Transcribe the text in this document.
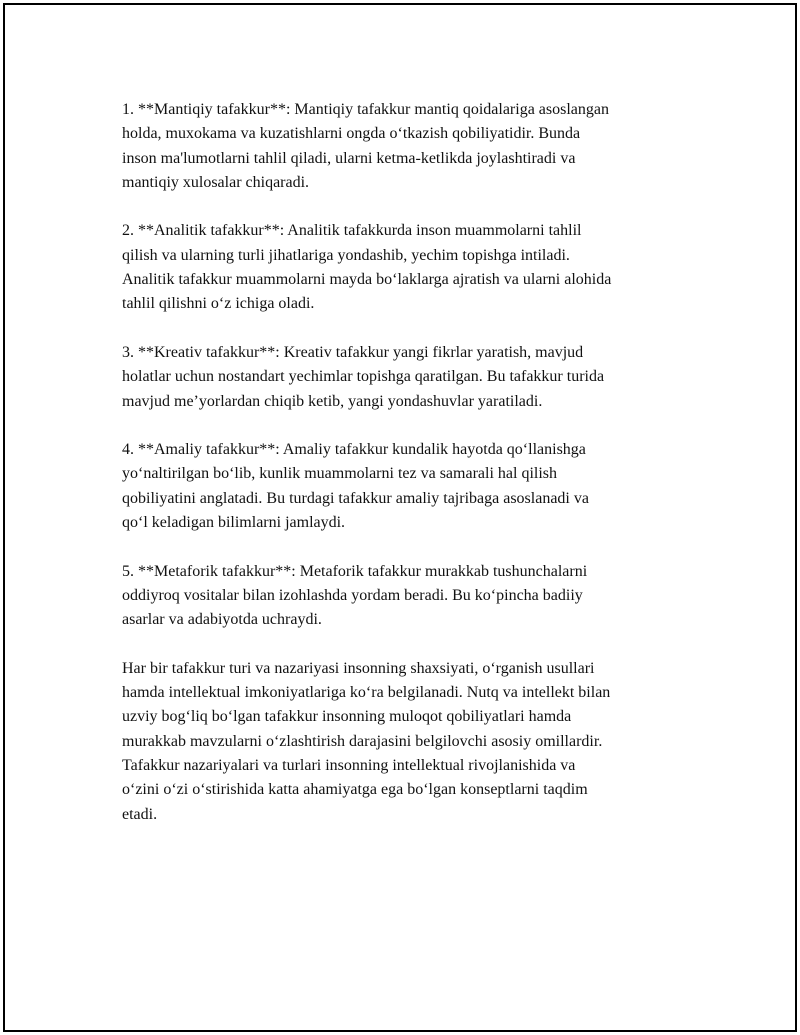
1. **Mantiqiy tafakkur**: Mantiqiy tafakkur mantiq qoidalariga asoslangan
holda, muxokama va kuzatishlarni ongda o‘tkazish qobiliyatidir. Bunda
inson ma'lumotlarni tahlil qiladi, ularni ketma-ketlikda joylashtiradi va
mantiqiy xulosalar chiqaradi.

2. **Analitik tafakkur**: Analitik tafakkurda inson muammolarni tahlil
qilish va ularning turli jihatlariga yondashib, yechim topishga intiladi.
Analitik tafakkur muammolarni mayda bo‘laklarga ajratish va ularni alohida
tahlil qilishni o‘z ichiga oladi.

3. **Kreativ tafakkur**: Kreativ tafakkur yangi fikrlar yaratish, mavjud
holatlar uchun nostandart yechimlar topishga qaratilgan. Bu tafakkur turida
mavjud me’yorlardan chiqib ketib, yangi yondashuvlar yaratiladi.

4. **Amaliy tafakkur**: Amaliy tafakkur kundalik hayotda qo‘llanishga
yo‘naltirilgan bo‘lib, kunlik muammolarni tez va samarali hal qilish
qobiliyatini anglatadi. Bu turdagi tafakkur amaliy tajribaga asoslanadi va
qo‘l keladigan bilimlarni jamlaydi.

5. **Metaforik tafakkur**: Metaforik tafakkur murakkab tushunchalarni
oddiyroq vositalar bilan izohlashda yordam beradi. Bu ko‘pincha badiiy
asarlar va adabiyotda uchraydi.

Har bir tafakkur turi va nazariyasi insonning shaxsiyati, o‘rganish usullari
hamda intellektual imkoniyatlariga ko‘ra belgilanadi. Nutq va intellekt bilan
uzviy bog‘liq bo‘lgan tafakkur insonning muloqot qobiliyatlari hamda
murakkab mavzularni o‘zlashtirish darajasini belgilovchi asosiy omillardir.
Tafakkur nazariyalari va turlari insonning intellektual rivojlanishida va
o‘zini o‘zi o‘stirishida katta ahamiyatga ega bo‘lgan konseptlarni taqdim
etadi.
